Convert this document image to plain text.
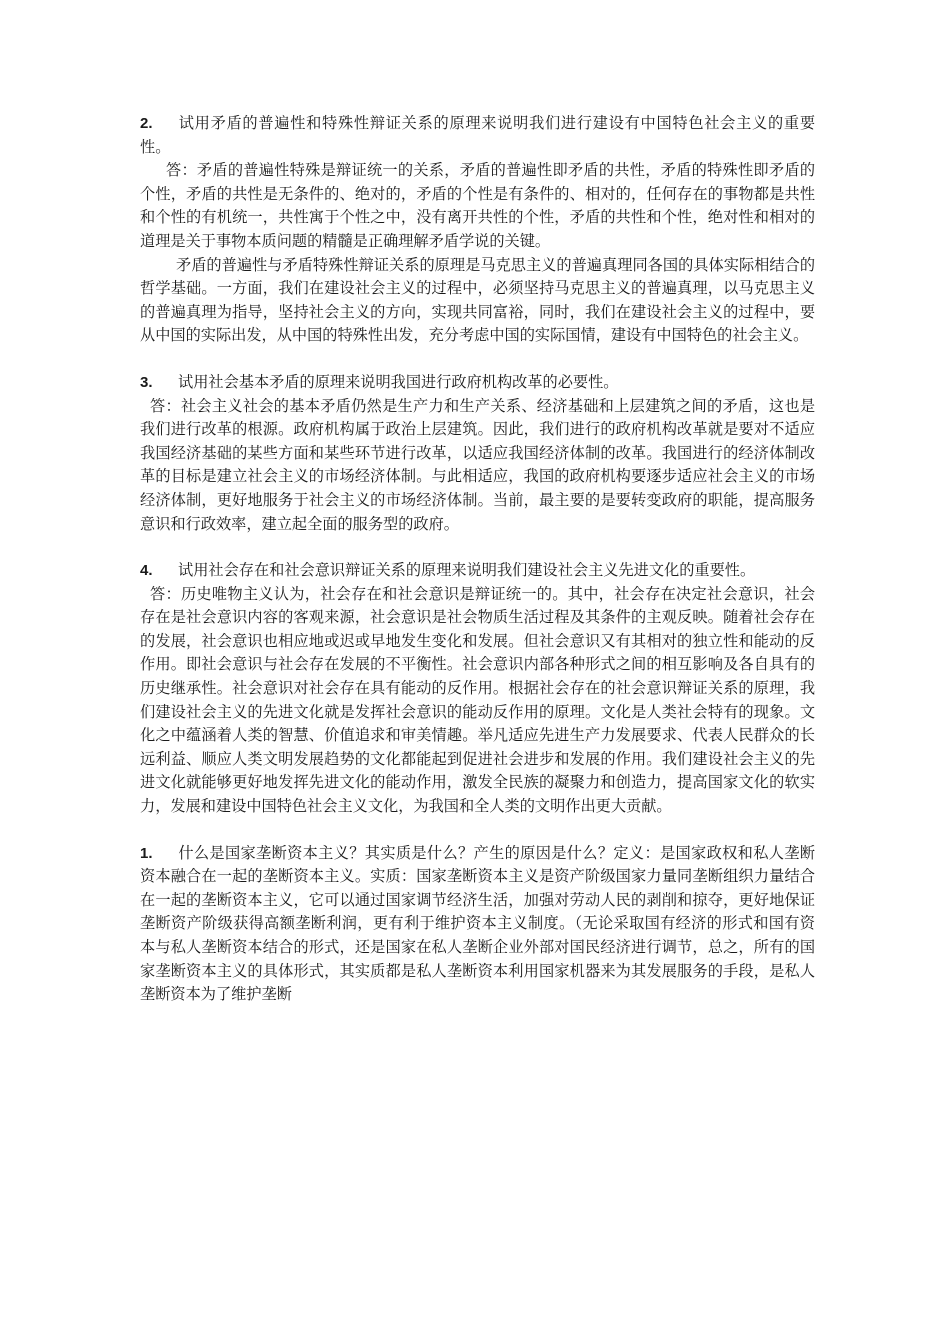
2. 试用矛盾的普遍性和特殊性辩证关系的原理来说明我们进行建设有中国特色社会主义的重要性。

答：矛盾的普遍性特殊是辩证统一的关系，矛盾的普遍性即矛盾的共性，矛盾的特殊性即矛盾的个性，矛盾的共性是无条件的、绝对的，矛盾的个性是有条件的、相对的，任何存在的事物都是共性和个性的有机统一，共性寓于个性之中，没有离开共性的个性，矛盾的共性和个性，绝对性和相对的道理是关于事物本质问题的精髓是正确理解矛盾学说的关键。

矛盾的普遍性与矛盾特殊性辩证关系的原理是马克思主义的普遍真理同各国的具体实际相结合的哲学基础。一方面，我们在建设社会主义的过程中，必须坚持马克思主义的普遍真理，以马克思主义的普遍真理为指导，坚持社会主义的方向，实现共同富裕，同时，我们在建设社会主义的过程中，要从中国的实际出发，从中国的特殊性出发，充分考虑中国的实际国情，建设有中国特色的社会主义。

3. 试用社会基本矛盾的原理来说明我国进行政府机构改革的必要性。

答：社会主义社会的基本矛盾仍然是生产力和生产关系、经济基础和上层建筑之间的矛盾，这也是我们进行改革的根源。政府机构属于政治上层建筑。因此，我们进行的政府机构改革就是要对不适应我国经济基础的某些方面和某些环节进行改革，以适应我国经济体制的改革。我国进行的经济体制改革的目标是建立社会主义的市场经济体制。与此相适应，我国的政府机构要逐步适应社会主义的市场经济体制，更好地服务于社会主义的市场经济体制。当前，最主要的是要转变政府的职能，提高服务意识和行政效率，建立起全面的服务型的政府。

4. 试用社会存在和社会意识辩证关系的原理来说明我们建设社会主义先进文化的重要性。

答：历史唯物主义认为，社会存在和社会意识是辩证统一的。其中，社会存在决定社会意识，社会存在是社会意识内容的客观来源，社会意识是社会物质生活过程及其条件的主观反映。随着社会存在的发展，社会意识也相应地或迟或早地发生变化和发展。但社会意识又有其相对的独立性和能动的反作用。即社会意识与社会存在发展的不平衡性。社会意识内部各种形式之间的相互影响及各自具有的历史继承性。社会意识对社会存在具有能动的反作用。根据社会存在的社会意识辩证关系的原理，我们建设社会主义的先进文化就是发挥社会意识的能动反作用的原理。文化是人类社会特有的现象。文化之中蕴涵着人类的智慧、价值追求和审美情趣。举凡适应先进生产力发展要求、代表人民群众的长远利益、顺应人类文明发展趋势的文化都能起到促进社会进步和发展的作用。我们建设社会主义的先进文化就能够更好地发挥先进文化的能动作用，激发全民族的凝聚力和创造力，提高国家文化的软实力，发展和建设中国特色社会主义文化，为我国和全人类的文明作出更大贡献。

1. 什么是国家垄断资本主义？其实质是什么？产生的原因是什么？定义：是国家政权和私人垄断资本融合在一起的垄断资本主义。实质：国家垄断资本主义是资产阶级国家力量同垄断组织力量结合在一起的垄断资本主义，它可以通过国家调节经济生活，加强对劳动人民的剥削和掠夺，更好地保证垄断资产阶级获得高额垄断利润，更有利于维护资本主义制度。（无论采取国有经济的形式和国有资本与私人垄断资本结合的形式，还是国家在私人垄断企业外部对国民经济进行调节，总之，所有的国家垄断资本主义的具体形式，其实质都是私人垄断资本利用国家机器来为其发展服务的手段，是私人垄断资本为了维护垄断
